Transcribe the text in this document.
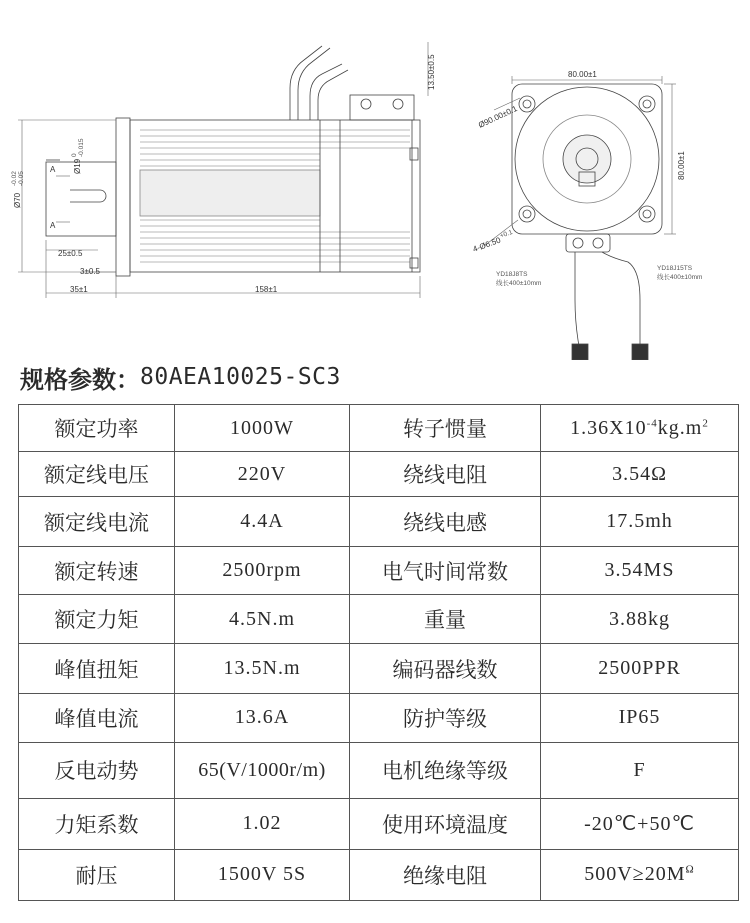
A
A
25±0.5
3±0.5
35±1	158±1
Ø70
-0.02 -0.05
Ø19
0 -0.015
13.50±0.5	80.00±1
80.00±1
Ø90.00±0.1
4-Ø6.50
+0.1
YD18J8TS
线长400±10mm
YD18J15TS
线长400±10mm
规格参数： 80AEA10025-SC3
额定功率	1000W	转子惯量	$1.36X10^{-4}kg.m^2$
额定线电压	220V	绕线电阻	3.54Ω
额定线电流	4.4A	绕线电感	17.5mh
额定转速	2500rpm	电气时间常数	3.54MS
额定力矩	4.5N.m	重量	3.88kg
峰值扭矩	13.5N.m	编码器线数	2500PPR
峰值电流	13.6A	防护等级	IP65
反电动势	65(V/1000r/m)	电机绝缘等级	F
力矩系数	1.02	使用环境温度	-20℃+50℃
耐压	1500V 5S	绝缘电阻	$500V\ge 20M^\Omega$
